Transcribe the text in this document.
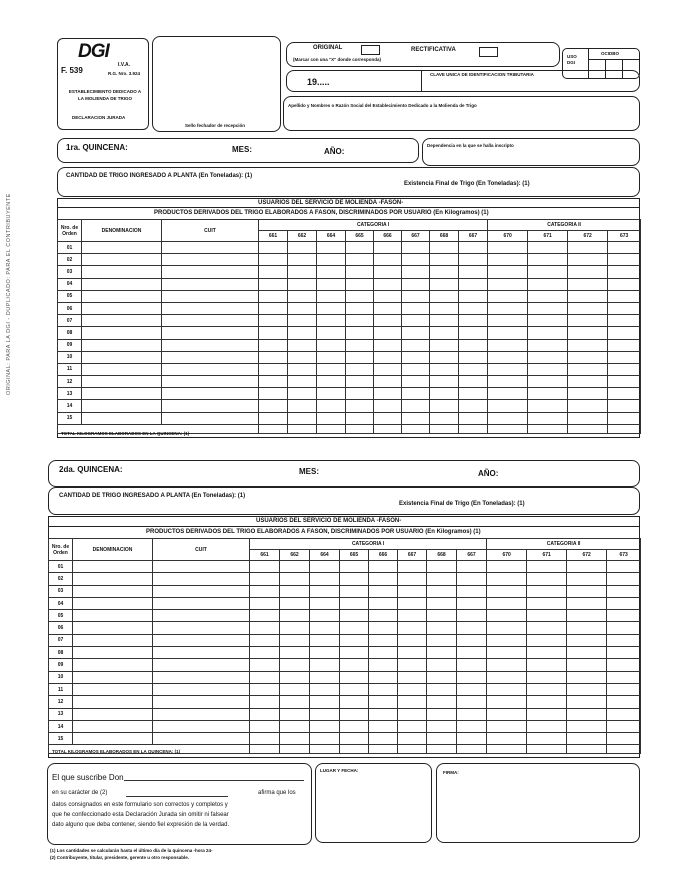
ORIGINAL: PARA LA DGI - DUPLICADO: PARA EL CONTRIBUYENTE
DGI
F. 539
I.V.A.
R.G. Nro. 3.924
ESTABLECIMIENTO DEDICADO A LA MOLIENDA DE TRIGO
DECLARACION JURADA
Sello fechador de recepción
ORIGINAL	RECTIFICATIVA
(Marcar con una "X" donde corresponda)
USO DGI
OCIDBO
19.....
CLAVE UNICA DE IDENTIFICACION TRIBUTARIA
Apellido y Nombres o Razón Social del Establecimiento Dedicado a la Molienda de Trigo
1ra. QUINCENA:	MES:	AÑO:
Dependencia en la que se halla inscripto
CANTIDAD DE TRIGO INGRESADO A PLANTA (En Toneladas): (1)
Existencia Final de Trigo (En Toneladas): (1)
USUARIOS DEL SERVICIO DE MOLIENDA -FASON-
PRODUCTOS DERIVADOS DEL TRIGO ELABORADOS A FASON, DISCRIMINADOS POR USUARIO (En Kilogramos) (1)
Nro. de Orden	DENOMINACION	CUIT	CATEGORIA I								CATEGORIA II			
			661	662	664	665	666	667	668	667	670	671	672	673
01														
02														
03														
04														
05														
06														
07														
08														
09														
10														
11														
12														
13														
14														
15														

TOTAL KILOGRAMOS ELABORADOS EN LA QUINCENA: (1)
2da. QUINCENA:	MES:	AÑO:
CANTIDAD DE TRIGO INGRESADO A PLANTA (En Toneladas): (1)
Existencia Final de Trigo (En Toneladas): (1)
USUARIOS DEL SERVICIO DE MOLIENDA -FASON-
PRODUCTOS DERIVADOS DEL TRIGO ELABORADOS A FASON, DISCRIMINADOS POR USUARIO (En Kilogramos) (1)
Nro. de Orden	DENOMINACION	CUIT	CATEGORIA I								CATEGORIA II			
			661	662	664	665	666	667	668	667	670	671	672	673
01														
02														
03														
04														
05														
06														
07														
08														
09														
10														
11														
12														
13														
14														
15														

TOTAL KILOGRAMOS ELABORADOS EN LA QUINCENA: (1)
El que suscribe Don
en su carácter de (2)	afirma que los
datos consignados en este formulario son correctos y completos y
que he confeccionado esta Declaración Jurada sin omitir ni falsear
dato alguno que deba contener, siendo fiel expresión de la verdad.
LUGAR Y FECHA:	FIRMA:
(1) Los cantidades se calcularán hasta el último día de la quincena -hora 24-
(2) Contribuyente, titular, presidente, gerente u otro responsable.
